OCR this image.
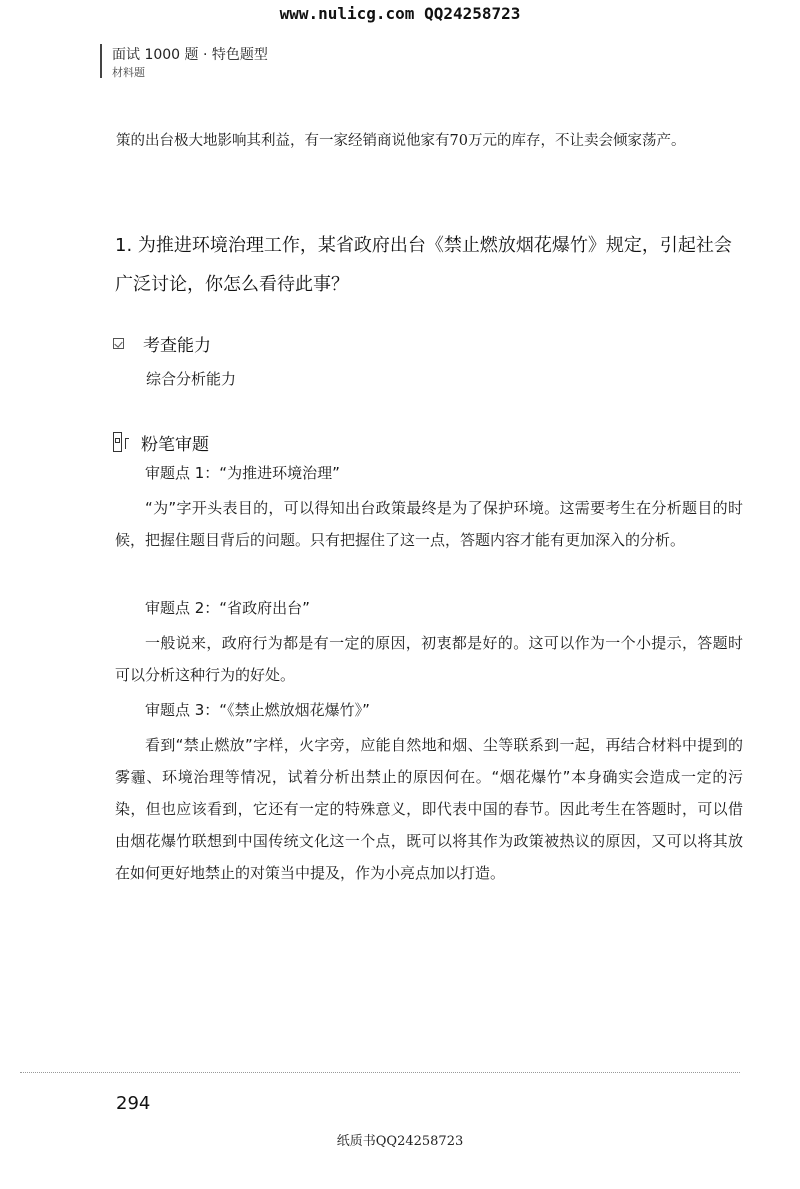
www.nulicg.com QQ24258723
面试 1000 题 · 特色题型
材料题
策的出台极大地影响其利益，有一家经销商说他家有70万元的库存，不让卖会倾家荡产。
1. 为推进环境治理工作，某省政府出台《禁止燃放烟花爆竹》规定，引起社会广泛讨论，你怎么看待此事？
考查能力
综合分析能力
粉笔审题
审题点 1：“为推进环境治理”
“为”字开头表目的，可以得知出台政策最终是为了保护环境。这需要考生在分析题目的时候，把握住题目背后的问题。只有把握住了这一点，答题内容才能有更加深入的分析。
审题点 2：“省政府出台”
一般说来，政府行为都是有一定的原因，初衷都是好的。这可以作为一个小提示，答题时可以分析这种行为的好处。
审题点 3：“《禁止燃放烟花爆竹》”
看到“禁止燃放”字样，火字旁，应能自然地和烟、尘等联系到一起，再结合材料中提到的雾霾、环境治理等情况，试着分析出禁止的原因何在。“烟花爆竹”本身确实会造成一定的污染，但也应该看到，它还有一定的特殊意义，即代表中国的春节。因此考生在答题时，可以借由烟花爆竹联想到中国传统文化这一个点，既可以将其作为政策被热议的原因，又可以将其放在如何更好地禁止的对策当中提及，作为小亮点加以打造。
294
纸质书QQ24258723
